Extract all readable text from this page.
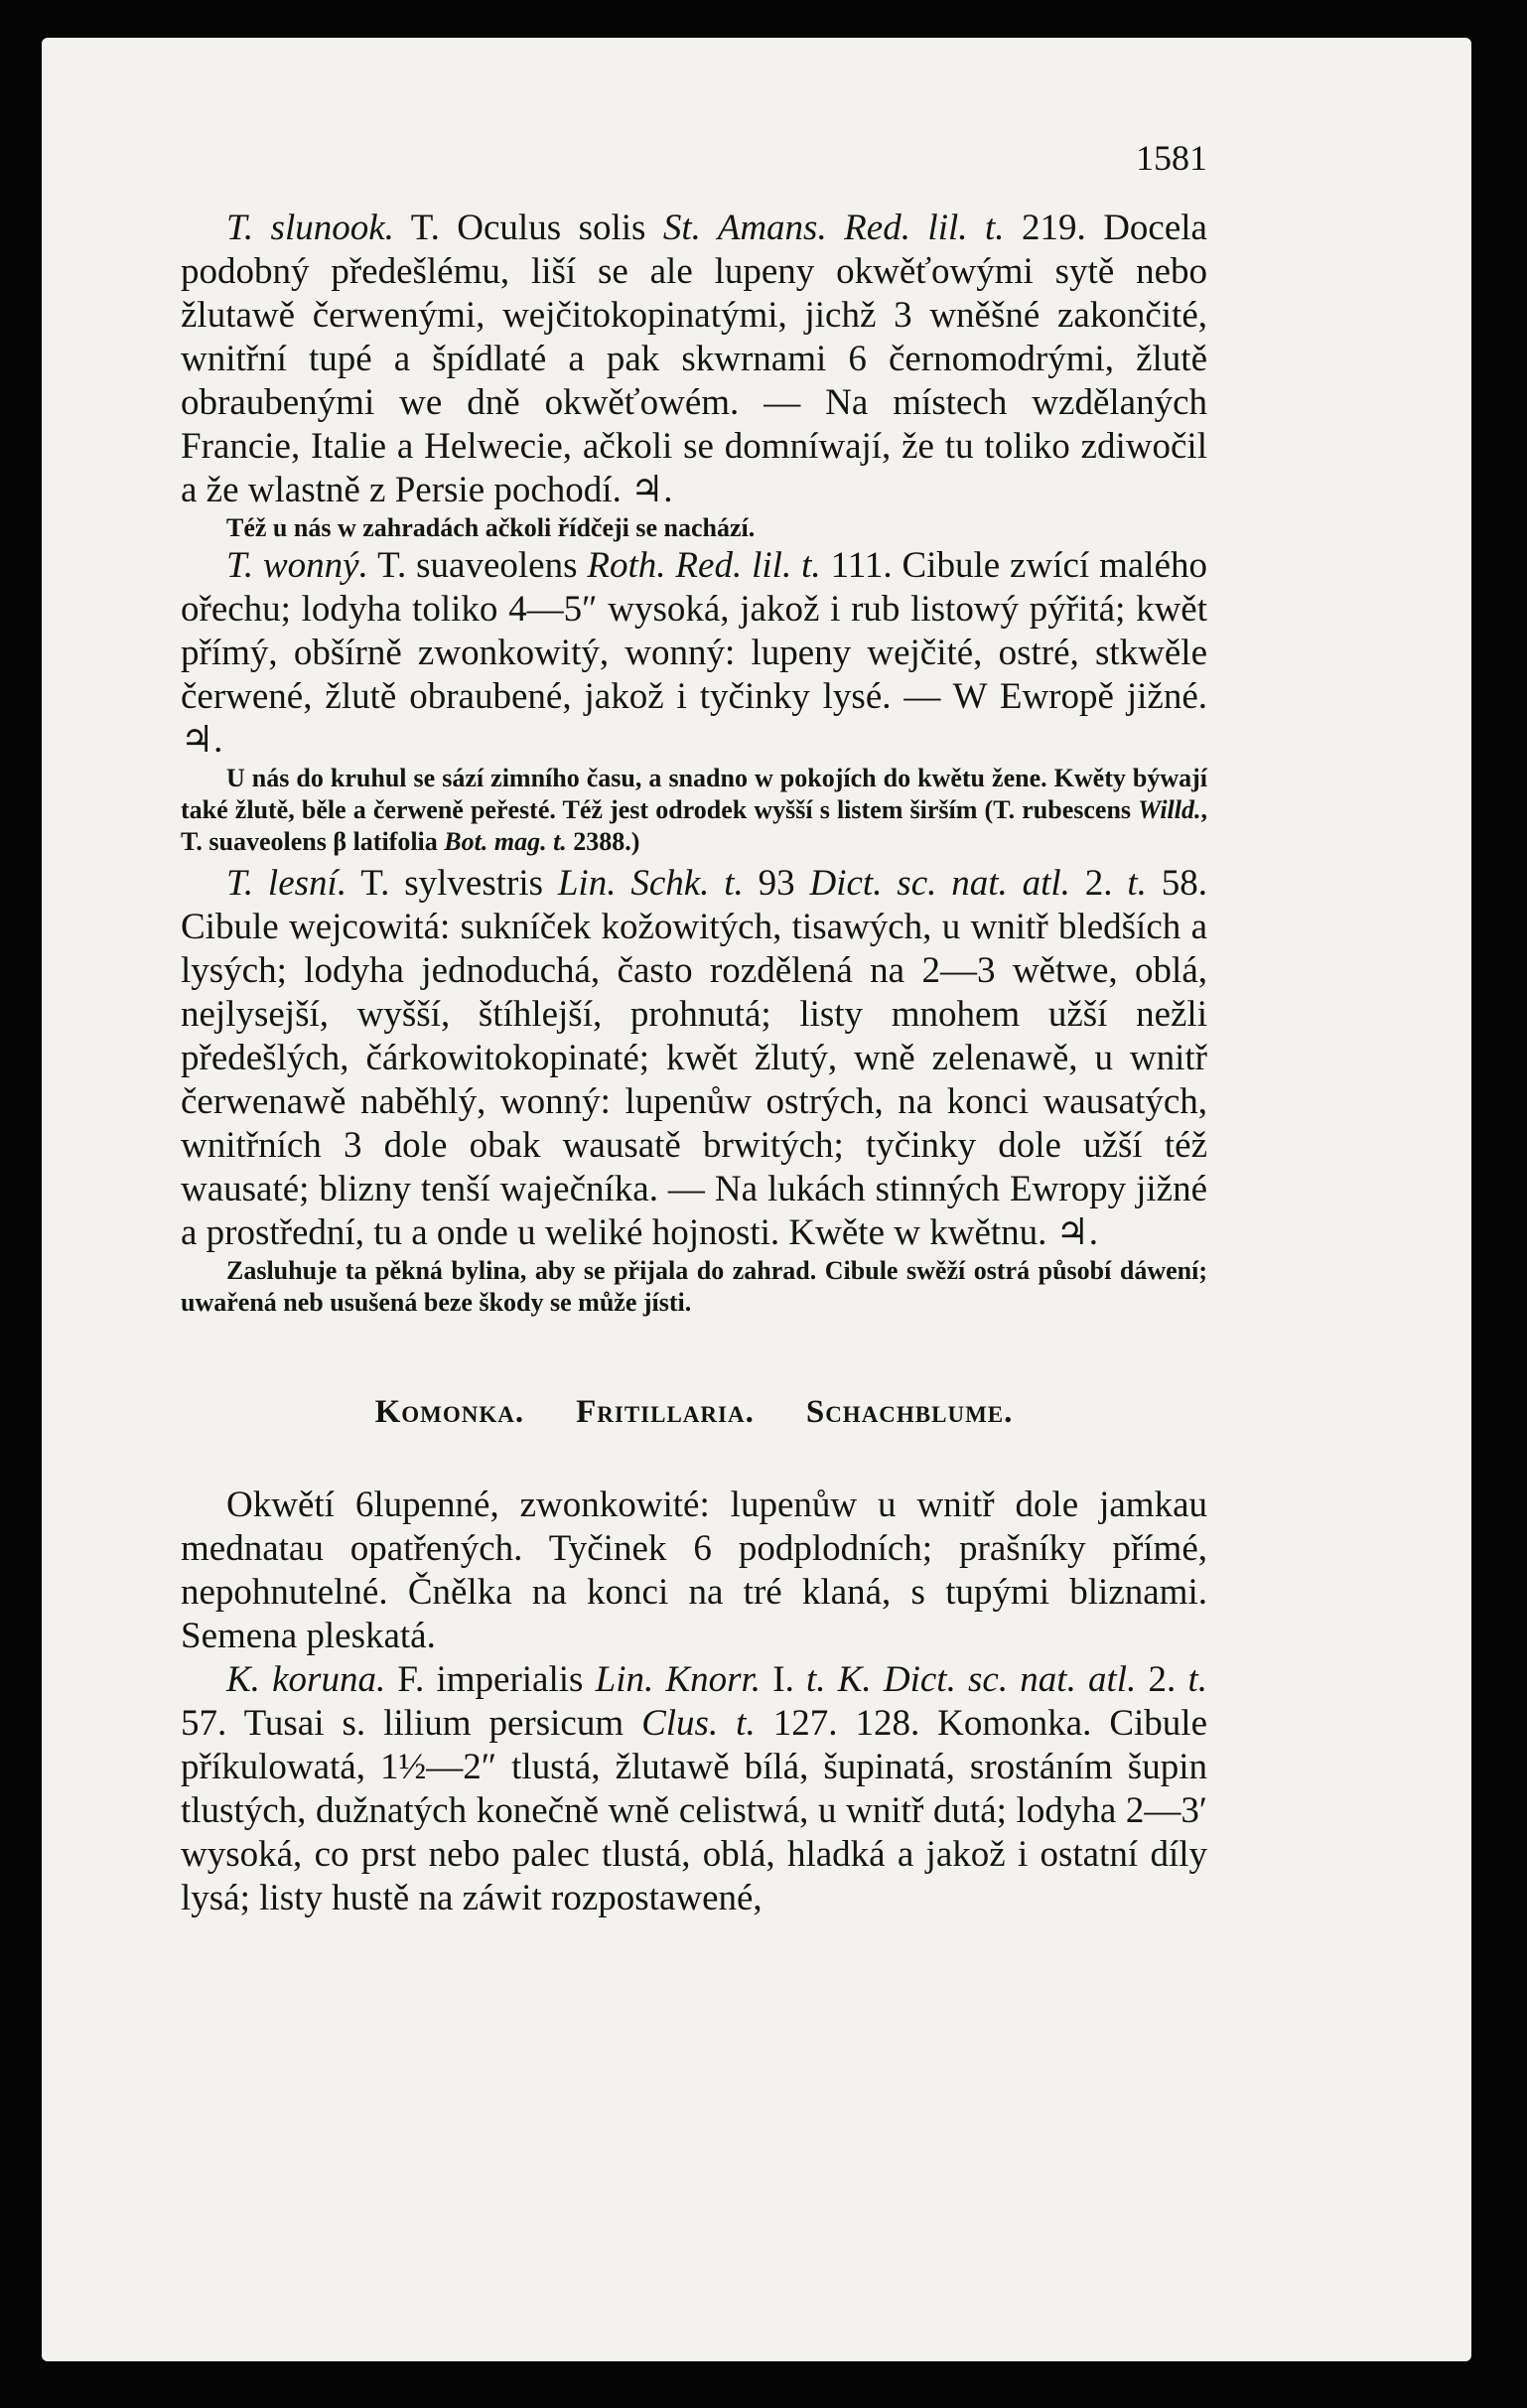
1581

T. slunook. T. Oculus solis St. Amans. Red. lil. t. 219. Docela podobný předešlému, liší se ale lupeny okwěťowými sytě nebo žlutawě čerwenými, wejčitokopinatými, jichž 3 wněšné zakončité, wnitřní tupé a špídlaté a pak skwrnami 6 černomodrými, žlutě obraubenými we dně okwěťowém. — Na místech wzdělaných Francie, Italie a Helwecie, ačkoli se domníwají, že tu toliko zdiwočil a že wlastně z Persie pochodí. ♃.

Též u nás w zahradách ačkoli řídčeji se nachází.

T. wonný. T. suaveolens Roth. Red. lil. t. 111. Cibule zwící malého ořechu; lodyha toliko 4—5″ wysoká, jakož i rub listowý pýřitá; kwět přímý, obšírně zwonkowitý, wonný: lupeny wejčité, ostré, stkwěle čerwené, žlutě obraubené, jakož i tyčinky lysé. — W Ewropě jižné. ♃.

U nás do kruhul se sází zimního času, a snadno w pokojích do kwětu žene. Kwěty býwají také žlutě, běle a čerweně peřesté. Též jest odrodek wyšší s listem širším (T. rubescens Willd., T. suaveolens β latifolia Bot. mag. t. 2388.)

T. lesní. T. sylvestris Lin. Schk. t. 93 Dict. sc. nat. atl. 2. t. 58. Cibule wejcowitá: sukníček kožowitých, tisawých, u wnitř bledších a lysých; lodyha jednoduchá, často rozdělená na 2—3 wětwe, oblá, nejlysejší, wyšší, štíhlejší, prohnutá; listy mnohem užší nežli předešlých, čárkowitokopinaté; kwět žlutý, wně zelenawě, u wnitř čerwenawě naběhlý, wonný: lupenůw ostrých, na konci wausatých, wnitřních 3 dole obak wausatě brwitých; tyčinky dole užší též wausaté; blizny tenší waječníka. — Na lukách stinných Ewropy jižné a prostřední, tu a onde u weliké hojnosti. Kwěte w kwětnu. ♃.

Zasluhuje ta pěkná bylina, aby se přijala do zahrad. Cibule swěží ostrá působí dáwení; uwařená neb usušená beze škody se může jísti.

Komonka. Fritillaria. Schachblume.

Okwětí 6lupenné, zwonkowité: lupenůw u wnitř dole jamkau mednatau opatřených. Tyčinek 6 podplodních; prašníky přímé, nepohnutelné. Čnělka na konci na tré klaná, s tupými bliznami. Semena pleskatá.

K. koruna. F. imperialis Lin. Knorr. I. t. K. Dict. sc. nat. atl. 2. t. 57. Tusai s. lilium persicum Clus. t. 127. 128. Komonka. Cibule příkulowatá, 1½—2″ tlustá, žlutawě bílá, šupinatá, srostáním šupin tlustých, dužnatých konečně wně celistwá, u wnitř dutá; lodyha 2—3′ wysoká, co prst nebo palec tlustá, oblá, hladká a jakož i ostatní díly lysá; listy hustě na záwit rozpostawené,
